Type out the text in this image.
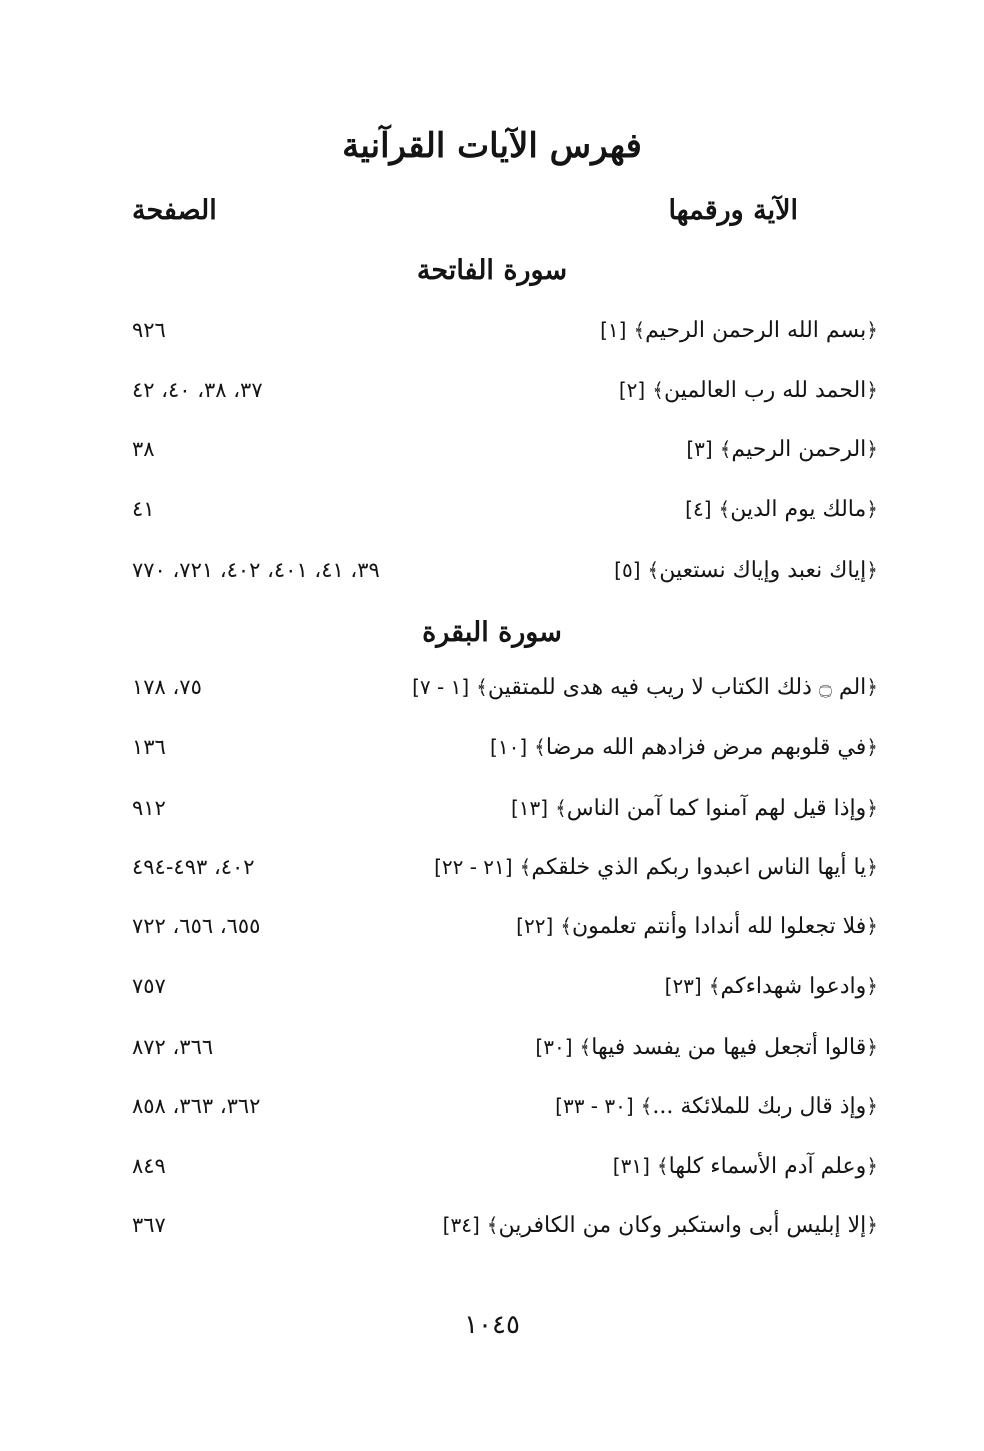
فهرس الآيات القرآنية
الآية ورقمها
الصفحة
سورة الفاتحة
﴿بسم الله الرحمن الرحيم﴾ [١]
٩٢٦
﴿الحمد لله رب العالمين﴾ [٢]
٣٧، ٣٨، ٤٠، ٤٢
﴿الرحمن الرحيم﴾ [٣]
٣٨
﴿مالك يوم الدين﴾ [٤]
٤١
﴿إياك نعبد وإياك نستعين﴾ [٥]
٣٩، ٤١، ٤٠١، ٤٠٢، ٧٢١، ٧٧٠
سورة البقرة
﴿الم ۝ ذلك الكتاب لا ريب فيه هدى للمتقين﴾ [١ - ٧]
٧٥، ١٧٨
﴿في قلوبهم مرض فزادهم الله مرضا﴾ [١٠]
١٣٦
﴿وإذا قيل لهم آمنوا كما آمن الناس﴾ [١٣]
٩١٢
﴿يا أيها الناس اعبدوا ربكم الذي خلقكم﴾ [٢١ - ٢٢]
٤٠٢، ٤٩٣-٤٩٤
﴿فلا تجعلوا لله أندادا وأنتم تعلمون﴾ [٢٢]
٦٥٥، ٦٥٦، ٧٢٢
﴿وادعوا شهداءكم﴾ [٢٣]
٧٥٧
﴿قالوا أتجعل فيها من يفسد فيها﴾ [٣٠]
٣٦٦، ٨٧٢
﴿وإذ قال ربك للملائكة ...﴾ [٣٠ - ٣٣]
٣٦٢، ٣٦٣، ٨٥٨
﴿وعلم آدم الأسماء كلها﴾ [٣١]
٨٤٩
﴿إلا إبليس أبى واستكبر وكان من الكافرين﴾ [٣٤]
٣٦٧
١٠٤٥
